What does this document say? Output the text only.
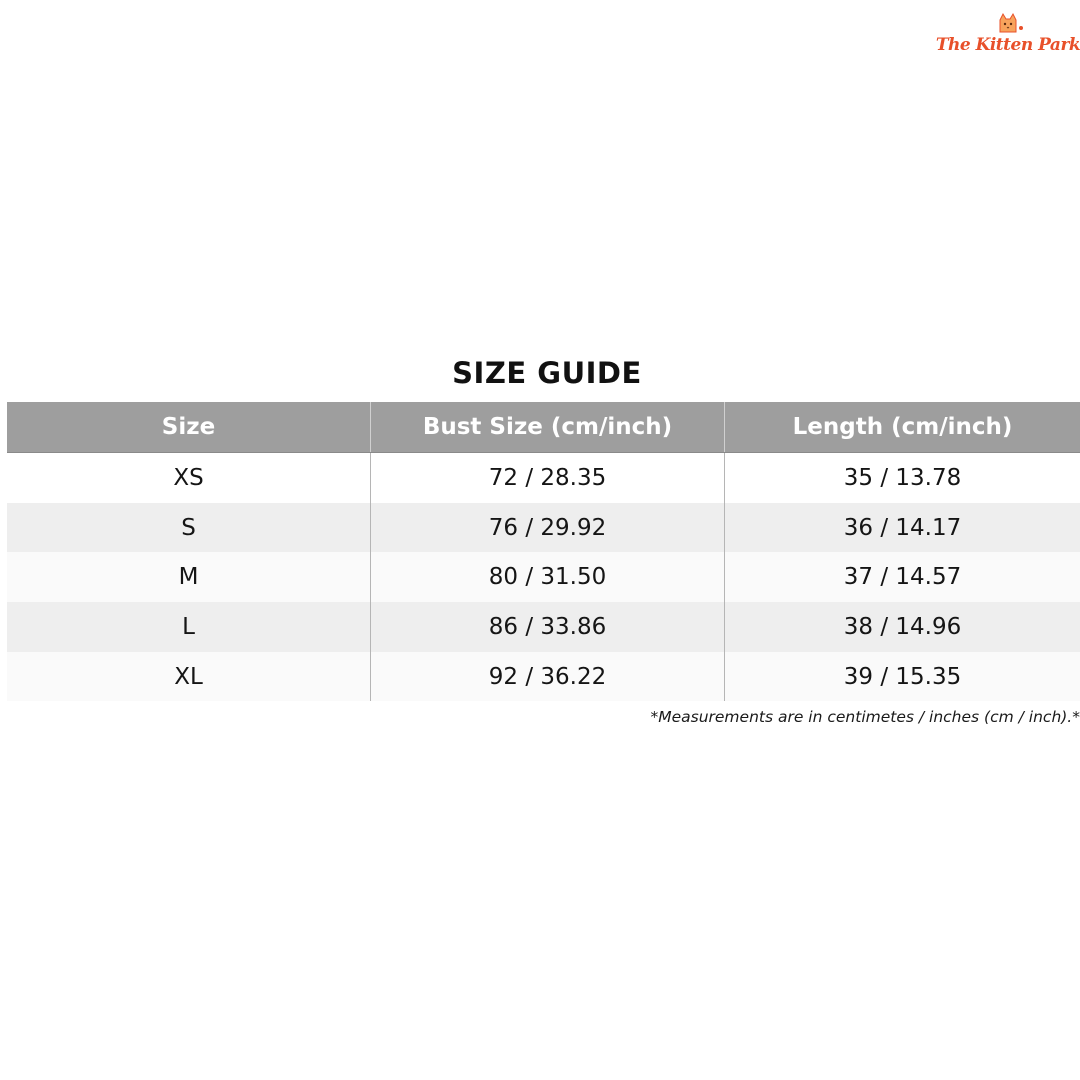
The Kitten Park
SIZE GUIDE
Size	Bust Size (cm/inch)	Length (cm/inch)
XS	72 / 28.35	35 / 13.78
S	76 / 29.92	36 / 14.17
M	80 / 31.50	37 / 14.57
L	86 / 33.86	38 / 14.96
XL	92 / 36.22	39 / 15.35
*Measurements are in centimetes / inches (cm / inch).*
